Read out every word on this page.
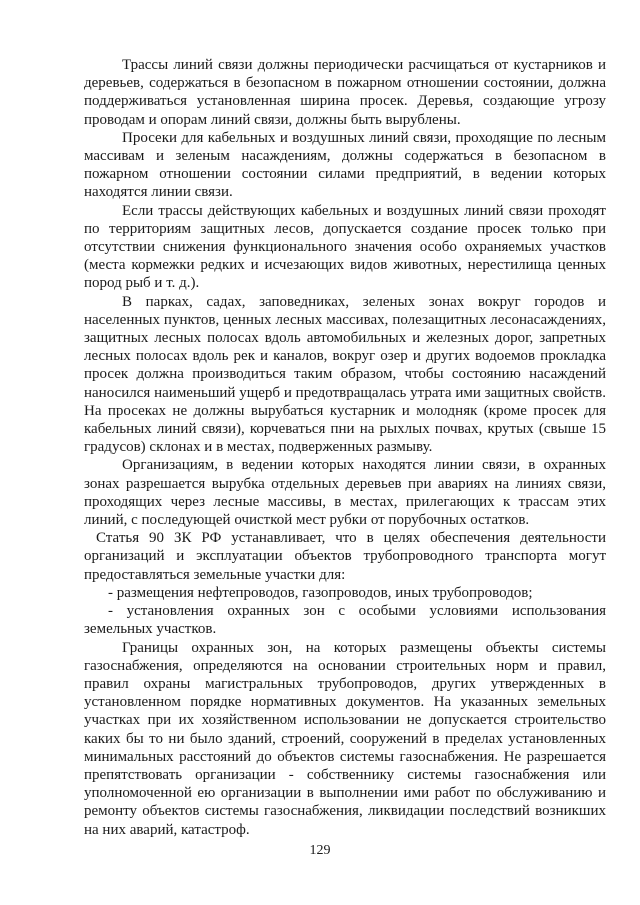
Трассы линий связи должны периодически расчищаться от кустарников и деревьев, содержаться в безопасном в пожарном отношении состоянии, должна поддерживаться установленная ширина просек. Деревья, создающие угрозу проводам и опорам линий связи, должны быть вырублены.

Просеки для кабельных и воздушных линий связи, проходящие по лесным массивам и зеленым насаждениям, должны содержаться в безопасном в пожарном отношении состоянии силами предприятий, в ведении которых находятся линии связи.

Если трассы действующих кабельных и воздушных линий связи проходят по территориям защитных лесов, допускается создание просек только при отсутствии снижения функционального значения особо охраняемых участков (места кормежки редких и исчезающих видов животных, нерестилища ценных пород рыб и т. д.).

В парках, садах, заповедниках, зеленых зонах вокруг городов и населенных пунктов, ценных лесных массивах, полезащитных лесонасаждениях, защитных лесных полосах вдоль автомобильных и железных дорог, запретных лесных полосах вдоль рек и каналов, вокруг озер и других водоемов прокладка просек должна производиться таким образом, чтобы состоянию насаждений наносился наименьший ущерб и предотвращалась утрата ими защитных свойств. На просеках не должны вырубаться кустарник и молодняк (кроме просек для кабельных линий связи), корчеваться пни на рыхлых почвах, крутых (свыше 15 градусов) склонах и в местах, подверженных размыву.

Организациям, в ведении которых находятся линии связи, в охранных зонах разрешается вырубка отдельных деревьев при авариях на линиях связи, проходящих через лесные массивы, в местах, прилегающих к трассам этих линий, с последующей очисткой мест рубки от порубочных остатков.

Статья 90 ЗК РФ устанавливает, что в целях обеспечения деятельности организаций и эксплуатации объектов трубопроводного транспорта могут предоставляться земельные участки для:

- размещения нефтепроводов, газопроводов, иных трубопроводов;

- установления охранных зон с особыми условиями использования земельных участков.

Границы охранных зон, на которых размещены объекты системы газоснабжения, определяются на основании строительных норм и правил, правил охраны магистральных трубопроводов, других утвержденных в установленном порядке нормативных документов. На указанных земельных участках при их хозяйственном использовании не допускается строительство каких бы то ни было зданий, строений, сооружений в пределах установленных минимальных расстояний до объектов системы газоснабжения. Не разрешается препятствовать организации - собственнику системы газоснабжения или уполномоченной ею организации в выполнении ими работ по обслуживанию и ремонту объектов системы газоснабжения, ликвидации последствий возникших на них аварий, катастроф.

129
